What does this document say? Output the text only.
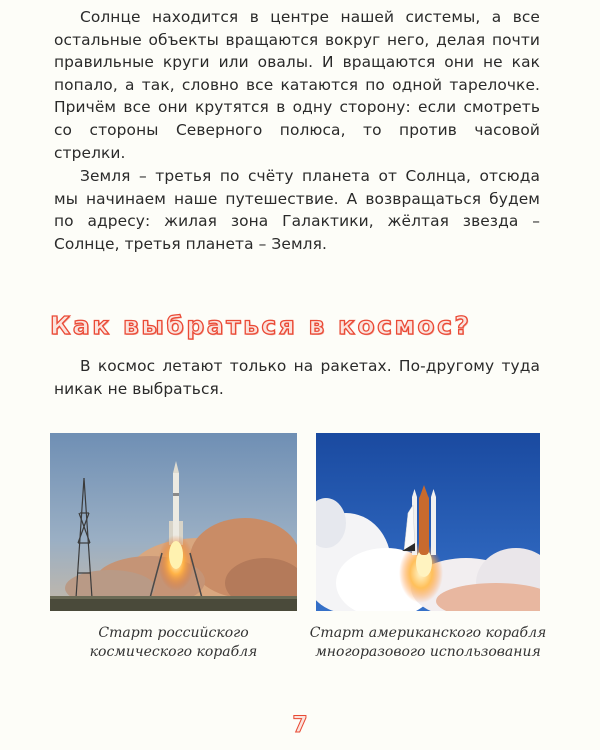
Солнце находится в центре нашей системы, а все остальные объекты вращаются вокруг него, делая почти правильные круги или овалы. И вращаются они не как попало, а так, словно все катаются по одной тарелочке. Причём все они крутятся в одну сторону: если смотреть со стороны Северного полюса, то против часовой стрелки.

Земля – третья по счёту планета от Солнца, отсюда мы начинаем наше путешествие. А возвращаться будем по адресу: жилая зона Галактики, жёлтая звезда – Солнце, третья планета – Земля.

Как выбраться в космос?

В космос летают только на ракетах. По-другому туда никак не выбраться.

Старт российского космического корабля

Старт американского корабля многоразового использования

7
